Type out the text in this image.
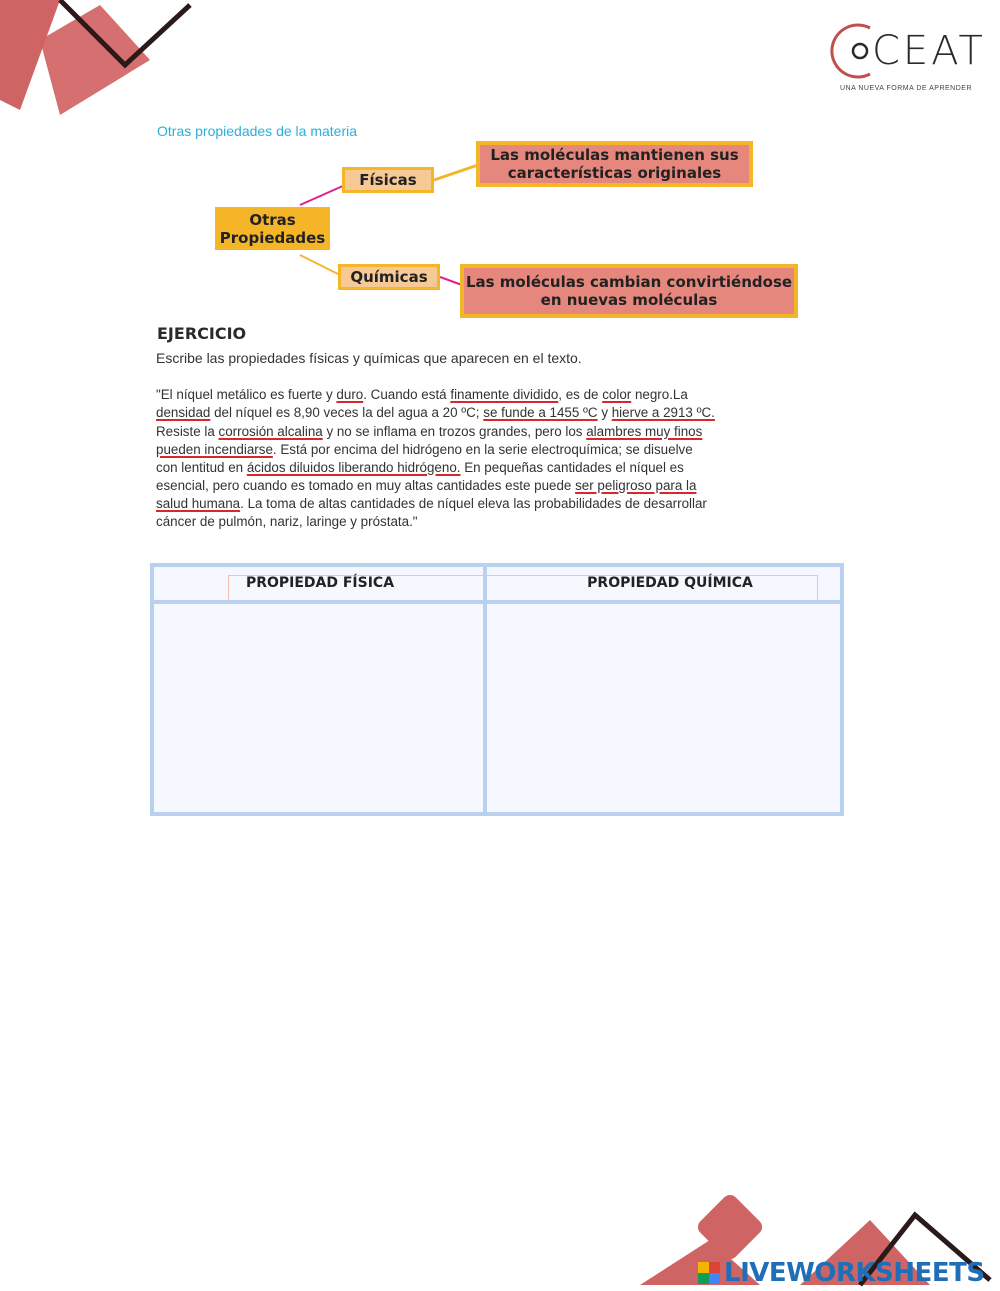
CEAT
UNA NUEVA FORMA DE APRENDER
Otras propiedades de la materia
Otras Propiedades
Físicas
Las moléculas mantienen sus características originales
Químicas	Las moléculas cambian convirtiéndose en nuevas moléculas
EJERCICIO
Escribe las propiedades físicas y químicas que aparecen en el texto.
"El níquel metálico es fuerte y duro. Cuando está finamente dividido, es de color negro.La
densidad del níquel es 8,90 veces la del agua a 20 ºC; se funde a 1455 ºC y hierve a 2913 ºC.
Resiste la corrosión alcalina y no se inflama en trozos grandes, pero los alambres muy finos
pueden incendiarse. Está por encima del hidrógeno en la serie electroquímica; se disuelve
con lentitud en ácidos diluidos liberando hidrógeno. En pequeñas cantidades el níquel es
esencial, pero cuando es tomado en muy altas cantidades este puede ser peligroso para la
salud humana. La toma de altas cantidades de níquel eleva las probabilidades de desarrollar
cáncer de pulmón, nariz, laringe y próstata."
PROPIEDAD FÍSICA	PROPIEDAD QUÍMICA
LIVEWORKSHEETS
